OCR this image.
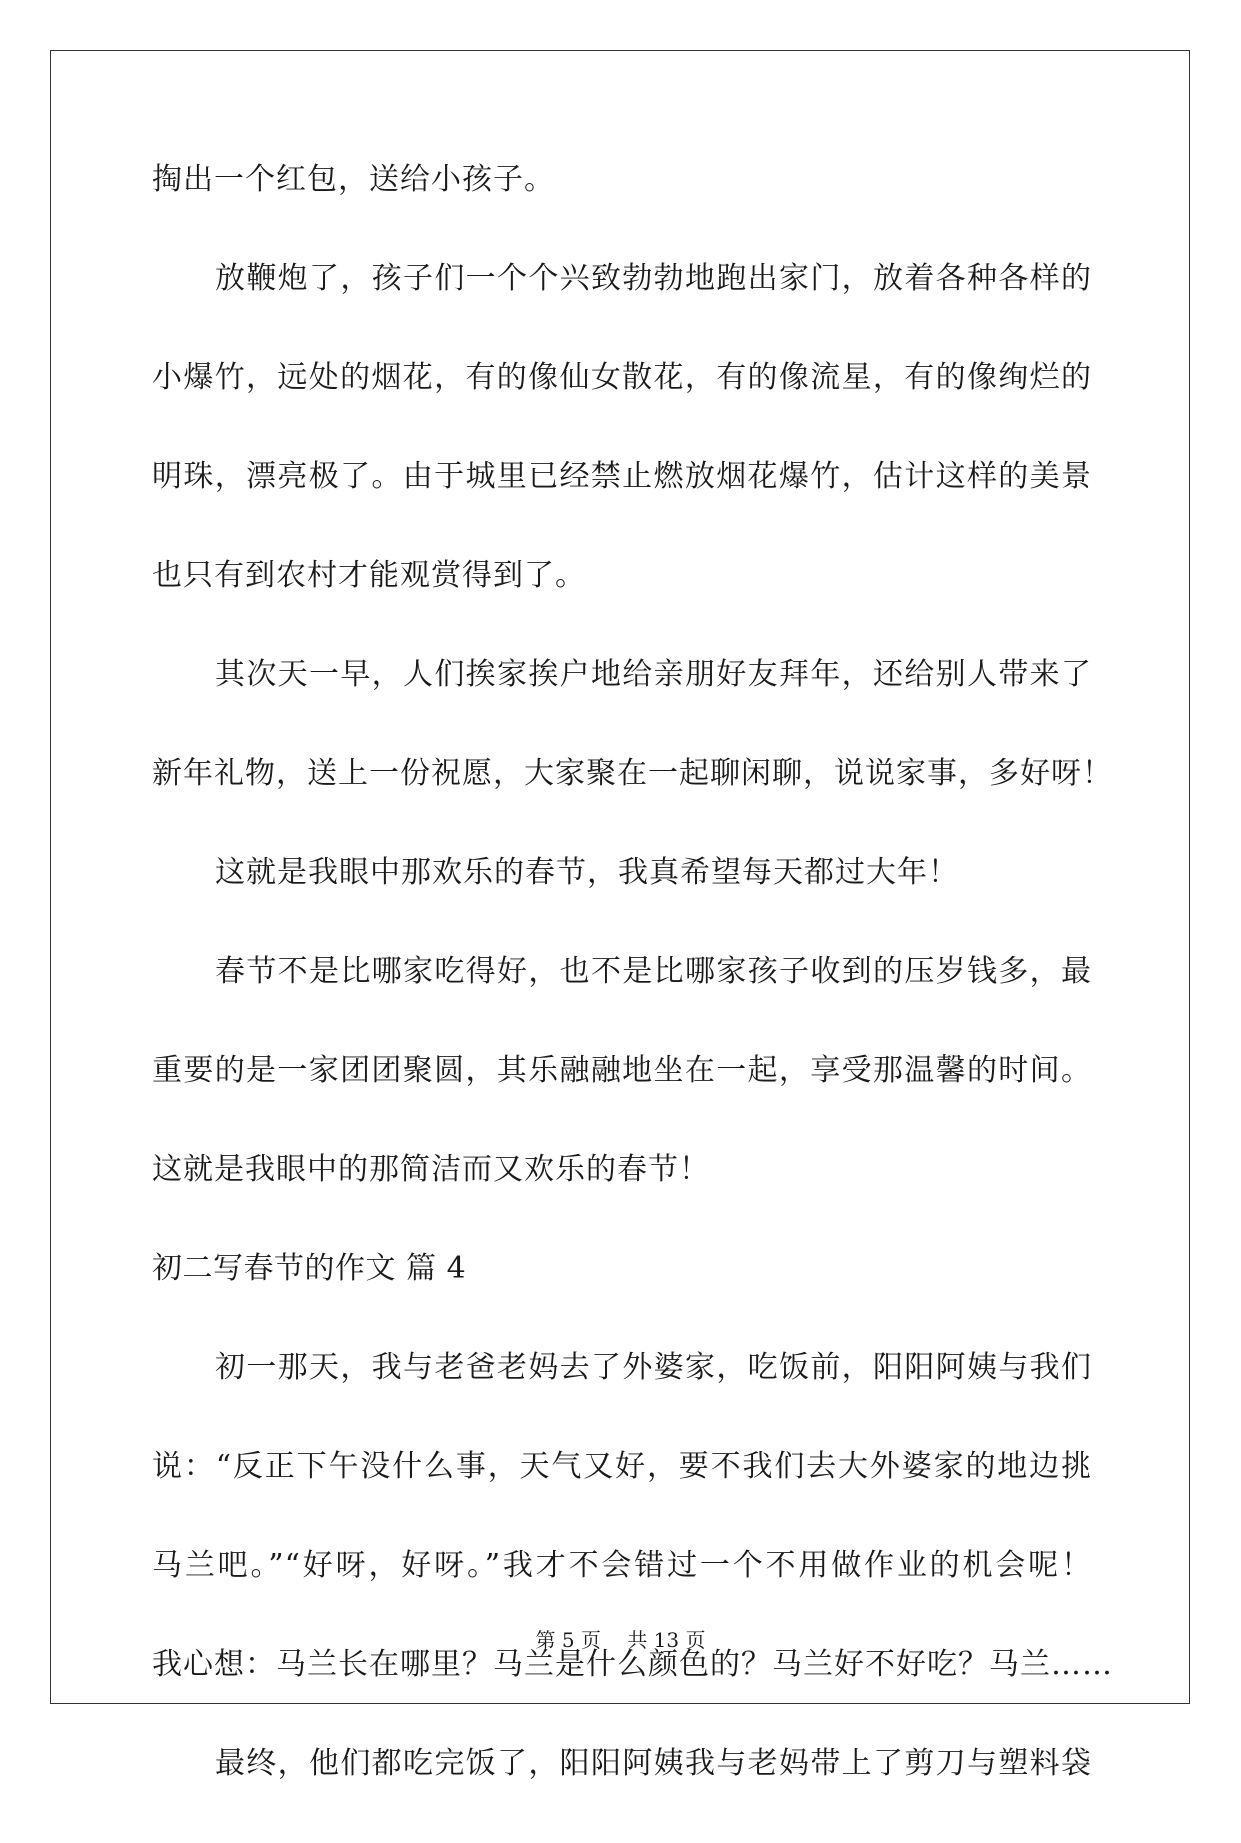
掏出一个红包，送给小孩子。
放鞭炮了，孩子们一个个兴致勃勃地跑出家门，放着各种各样的
小爆竹，远处的烟花，有的像仙女散花，有的像流星，有的像绚烂的
明珠，漂亮极了。由于城里已经禁止燃放烟花爆竹，估计这样的美景
也只有到农村才能观赏得到了。
其次天一早，人们挨家挨户地给亲朋好友拜年，还给别人带来了
新年礼物，送上一份祝愿，大家聚在一起聊闲聊，说说家事，多好呀！
这就是我眼中那欢乐的春节，我真希望每天都过大年！
春节不是比哪家吃得好，也不是比哪家孩子收到的压岁钱多，最
重要的是一家团团聚圆，其乐融融地坐在一起，享受那温馨的时间。
这就是我眼中的那简洁而又欢乐的春节！
初二写春节的作文 篇 4
初一那天，我与老爸老妈去了外婆家，吃饭前，阳阳阿姨与我们
说：“反正下午没什么事，天气又好，要不我们去大外婆家的地边挑
马兰吧。”“好呀，好呀。”我才不会错过一个不用做作业的机会呢！
我心想：马兰长在哪里？马兰是什么颜色的？马兰好不好吃？马兰……
最终，他们都吃完饭了，阳阳阿姨我与老妈带上了剪刀与塑料袋
第 5 页 共 13 页
